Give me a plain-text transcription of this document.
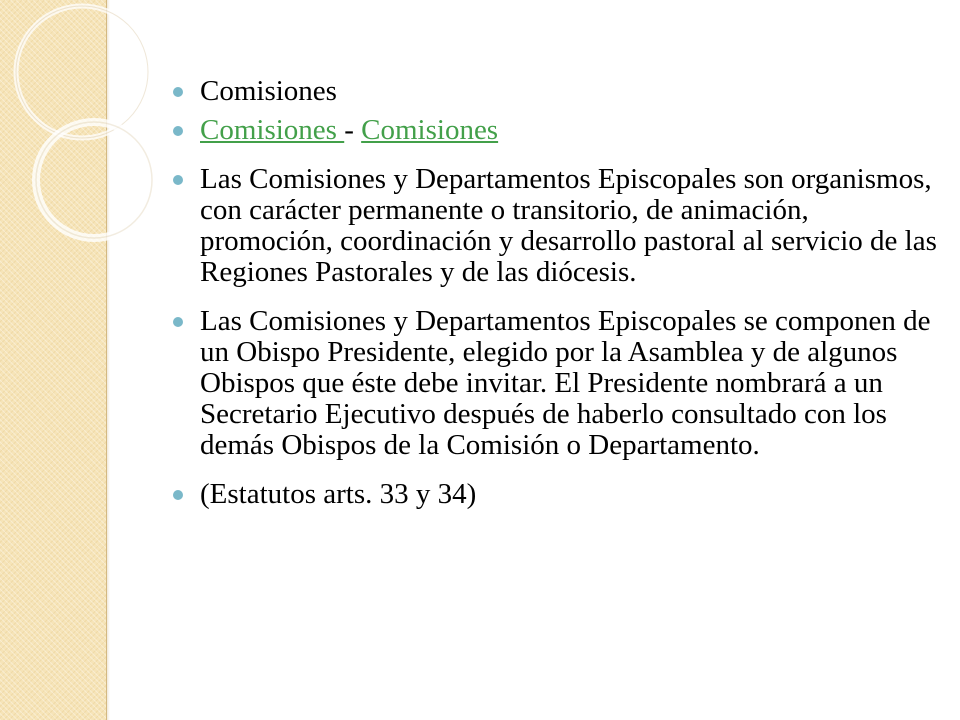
Comisiones
Comisiones - Comisiones
Las Comisiones y Departamentos Episcopales son organismos, con carácter permanente o transitorio, de animación, promoción, coordinación y desarrollo pastoral al servicio de las Regiones Pastorales y de las diócesis.
Las Comisiones y Departamentos Episcopales se componen de un Obispo Presidente, elegido por la Asamblea y de algunos Obispos que éste debe invitar. El Presidente nombrará a un Secretario Ejecutivo después de haberlo consultado con los demás Obispos de la Comisión o Departamento.
(Estatutos arts. 33 y 34)
